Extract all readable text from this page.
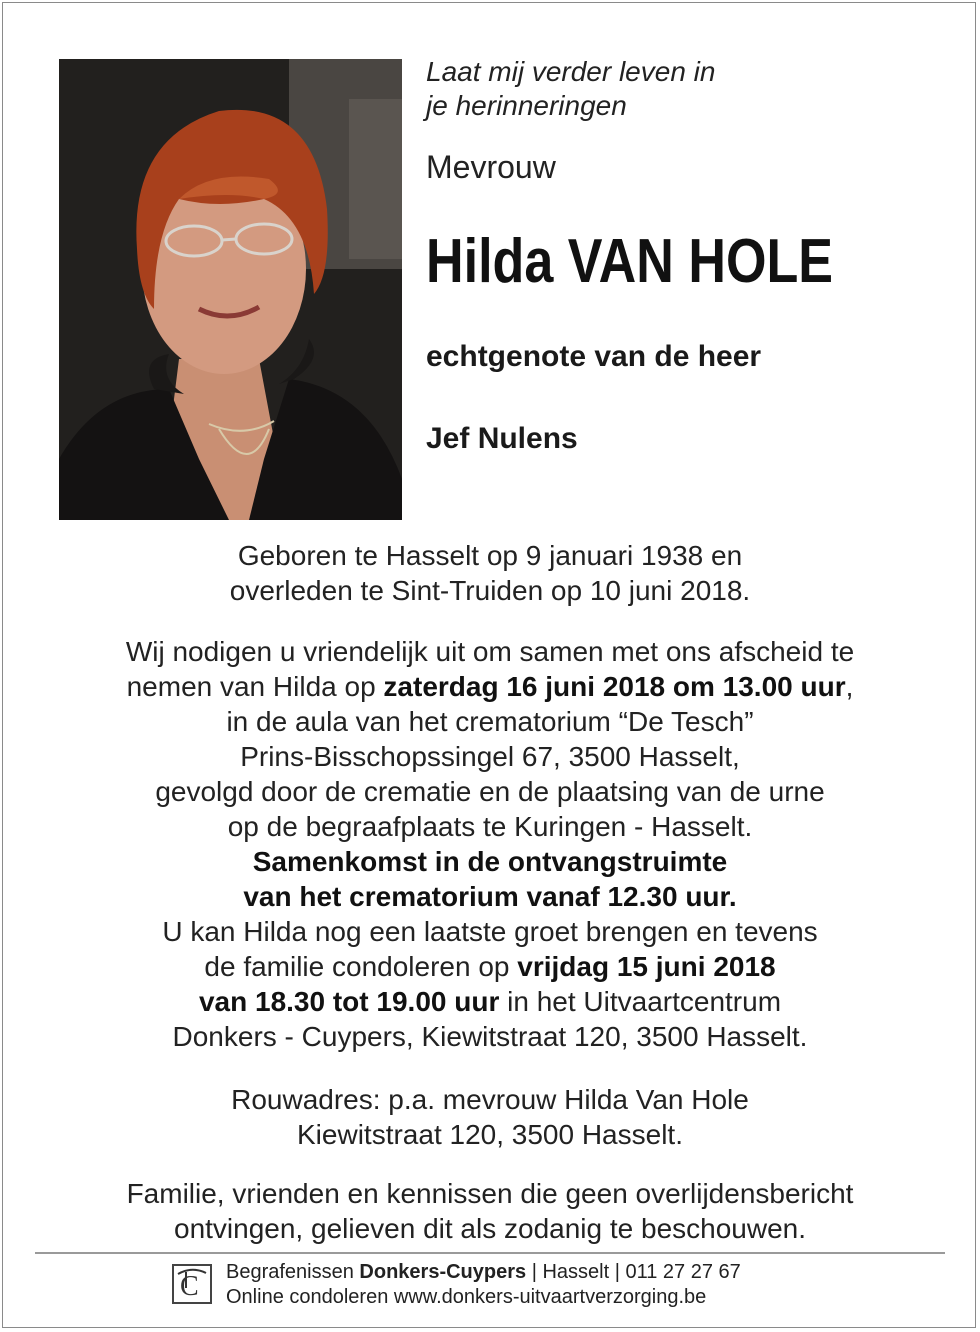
Laat mij verder leven in
je herinneringen
Mevrouw
Hilda VAN HOLE
echtgenote van de heer
Jef Nulens

Geboren te Hasselt op 9 januari 1938 en

overleden te Sint-Truiden op 10 juni 2018.

Wij nodigen u vriendelijk uit om samen met ons afscheid te

nemen van Hilda op zaterdag 16 juni 2018 om 13.00 uur,

in de aula van het crematorium “De Tesch”

Prins-Bisschopssingel 67, 3500 Hasselt,

gevolgd door de crematie en de plaatsing van de urne

op de begraafplaats te Kuringen - Hasselt.

Samenkomst in de ontvangstruimte

van het crematorium vanaf 12.30 uur.

U kan Hilda nog een laatste groet brengen en tevens

de familie condoleren op vrijdag 15 juni 2018

van 18.30 tot 19.00 uur in het Uitvaartcentrum

Donkers - Cuypers, Kiewitstraat 120, 3500 Hasselt.

Rouwadres: p.a. mevrouw Hilda Van Hole

Kiewitstraat 120, 3500 Hasselt.

Familie, vrienden en kennissen die geen overlijdensbericht

ontvingen, gelieven dit als zodanig te beschouwen.

C Begrafenissen Donkers-Cuypers | Hasselt | 011 27 27 67
Online condoleren www.donkers-uitvaartverzorging.be
